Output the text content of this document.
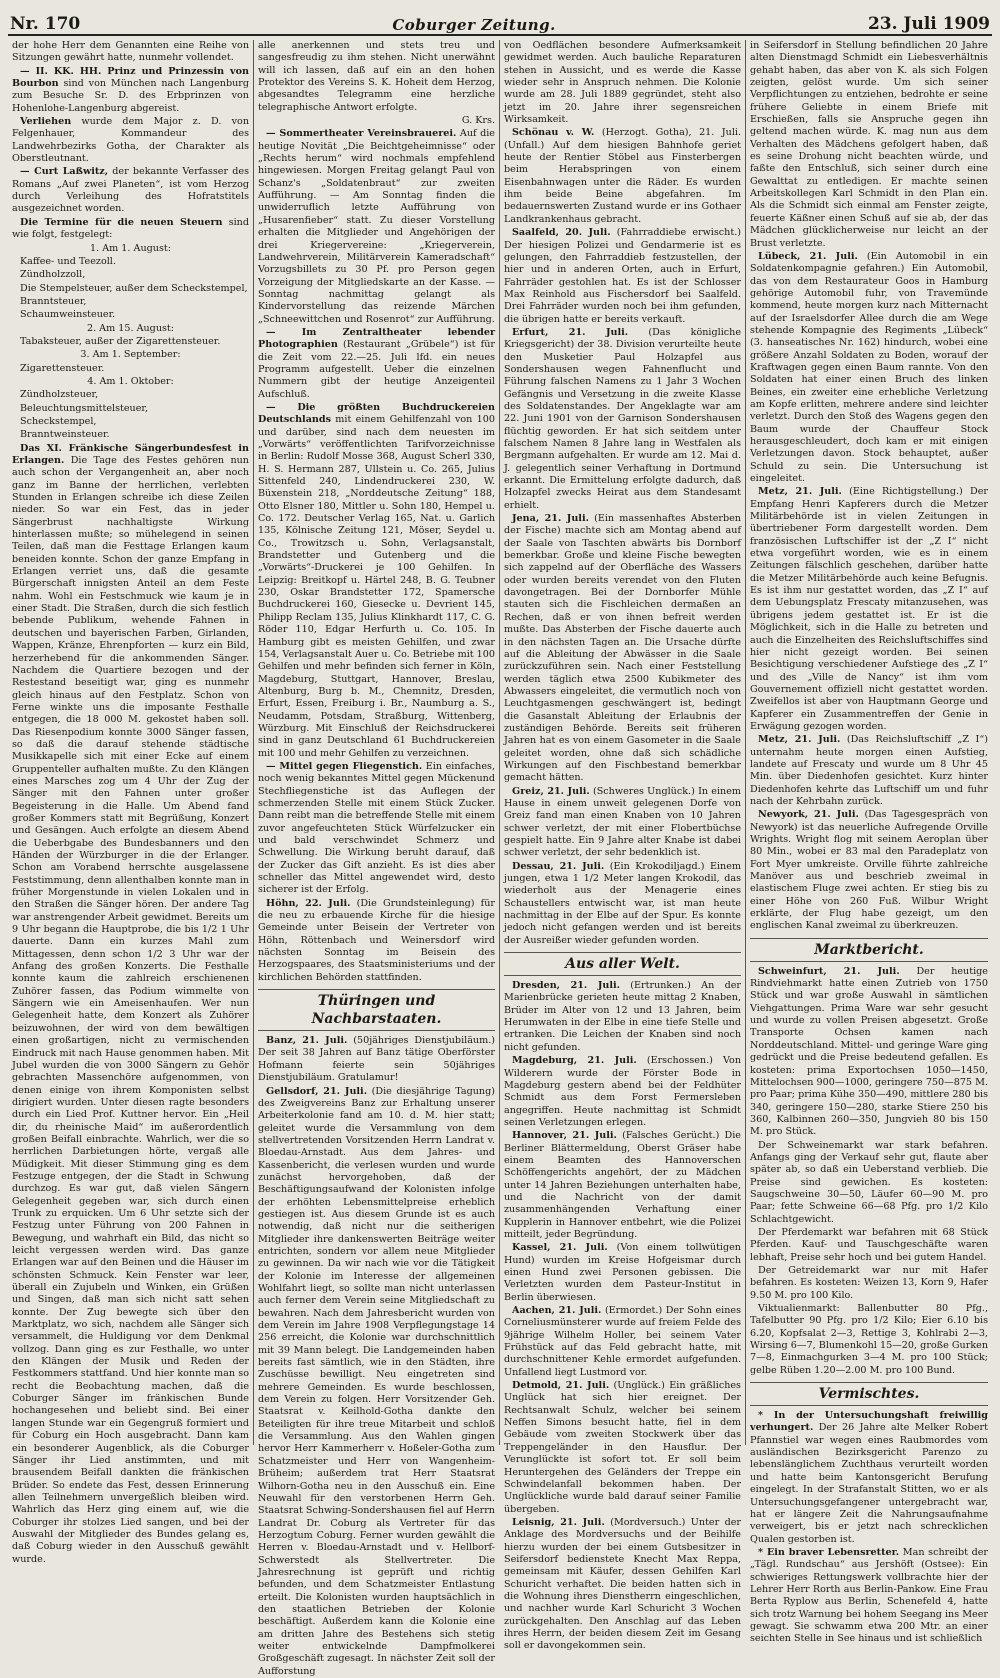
Nr. 170	Coburger Zeitung.	23. Juli 1909

der hohe Herr dem Genannten eine Reihe von Sitzungen gewährt hatte, nunmehr vollendet.

— II. KK. HH. Prinz und Prinzessin von Bourbon sind von München nach Langenburg zum Besuche Sr. D. des Erbprinzen von Hohenlohe-Langenburg abgereist.

Verliehen wurde dem Major z. D. von Felgenhauer, Kommandeur des Landwehrbezirks Gotha, der Charakter als Oberstleutnant.

— Curt Laßwitz, der bekannte Verfasser des Romans „Auf zwei Planeten“, ist vom Herzog durch Verleihung des Hofratstitels ausgezeichnet worden.

Die Termine für die neuen Steuern sind wie folgt, festgelegt:

1. Am 1. August:

Kaffee- und Teezoll.

Zündholzzoll,

Die Stempelsteuer, außer dem Scheckstempel,

Branntsteuer,

Schaumweinsteuer.

2. Am 15. August:

Tabaksteuer, außer der Zigarettensteuer.

3. Am 1. September:

Zigarettensteuer.

4. Am 1. Oktober:

Zündholzsteuer,

Beleuchtungsmittelsteuer,

Scheckstempel,

Branntweinsteuer.

Das XI. Fränkische Sängerbundesfest in Erlangen. Die Tage des Festes gehören nun auch schon der Vergangenheit an, aber noch ganz im Banne der herrlichen, verlebten Stunden in Erlangen schreibe ich diese Zeilen nieder. So war ein Fest, das in jeder Sängerbrust nachhaltigste Wirkung hinterlassen mußte; so mühelegend in seinen Teilen, daß man die Festtage Erlangen kaum beneiden konnte. Schon der ganze Empfang in Erlangen verriet uns, daß die gesamte Bürgerschaft innigsten Anteil an dem Feste nahm. Wohl ein Festschmuck wie kaum je in einer Stadt. Die Straßen, durch die sich festlich bebende Publikum, wehende Fahnen in deutschen und bayerischen Farben, Girlanden, Wappen, Kränze, Ehrenpforten — kurz ein Bild, herzerhebend für die ankommenden Sänger. Nachdem die Quartiere bezogen und der Restestand beseitigt war, ging es nunmehr gleich hinaus auf den Festplatz. Schon von Ferne winkte uns die imposante Festhalle entgegen, die 18 000 M. gekostet haben soll. Das Riesenpodium konnte 3000 Sänger fassen, so daß die darauf stehende städtische Musikkapelle sich mit einer Ecke auf einem Gruppenteller aufhalten mußte. Zu den Klängen eines Marsches zog um 4 Uhr der Zug der Sänger mit den Fahnen unter großer Begeisterung in die Halle. Um Abend fand großer Kommers statt mit Begrüßung, Konzert und Gesängen. Auch erfolgte an diesem Abend die Ueberbgabe des Bundesbanners und den Händen der Würzburger in die der Erlanger. Schon am Vorabend herrschte ausgelassene Feststimmung, denn allenthalben konnte man in früher Morgenstunde in vielen Lokalen und in den Straßen die Sänger hören. Der andere Tag war anstrengender Arbeit gewidmet. Bereits um 9 Uhr begann die Hauptprobe, die bis 1/2 1 Uhr dauerte. Dann ein kurzes Mahl zum Mittagessen, denn schon 1/2 3 Uhr war der Anfang des großen Konzerts. Die Festhalle konnte kaum die zahlreich erschienenen Zuhörer fassen, das Podium wimmelte von Sängern wie ein Ameisenhaufen. Wer nun Gelegenheit hatte, dem Konzert als Zuhörer beizuwohnen, der wird von dem bewältigen einen großartigen, nicht zu vermischenden Eindruck mit nach Hause genommen haben. Mit Jubel wurden die von 3000 Sängern zu Gehör gebrachten Massenchöre aufgenommen, von denen einige von ihrem Komponisten selbst dirigiert wurden. Unter diesen ragte besonders durch ein Lied Prof. Kuttner hervor. Ein „Heil dir, du rheinische Maid“ im außerordentlich großen Beifall einbrachte. Wahrlich, wer die so herrlichen Darbietungen hörte, vergaß alle Müdigkeit. Mit dieser Stimmung ging es dem Festzuge entgegen, der die Stadt in Schwung durchzog. Es war gut, daß vielen Sängern Gelegenheit gegeben war, sich durch einen Trunk zu erquicken. Um 6 Uhr setzte sich der Festzug unter Führung von 200 Fahnen in Bewegung, und wahrhaft ein Bild, das nicht so leicht vergessen werden wird. Das ganze Erlangen war auf den Beinen und die Häuser im schönsten Schmuck. Kein Fenster war leer, überall ein Zujubeln und Winken, ein Grüßen und Singen, daß man sich nicht satt sehen konnte. Der Zug bewegte sich über den Marktplatz, wo sich, nachdem alle Sänger sich versammelt, die Huldigung vor dem Denkmal vollzog. Dann ging es zur Festhalle, wo unter den Klängen der Musik und Reden der Festkommers stattfand. Und hier konnte man so recht die Beobachtung machen, daß die Coburger Sänger im fränkischen Bunde hochangesehen und beliebt sind. Bei einer langen Stunde war ein Gegengruß formiert und für Coburg ein Hoch ausgebracht. Dann kam ein besonderer Augenblick, als die Coburger Sänger ihr Lied anstimmten, und mit brausendem Beifall dankten die fränkischen Brüder. So endete das Fest, dessen Erinnerung allen Teilnehmern unvergeßlich bleiben wird. Wahrlich das Herz ging einem auf, wie die Coburger ihr stolzes Lied sangen, und bei der Auswahl der Mitglieder des Bundes gelang es, daß Coburg wieder in den Ausschuß gewählt wurde.

alle anerkennen und stets treu und sangesfreudig zu ihm stehen. Nicht unerwähnt will ich lassen, daß auf ein an den hohen Protektor des Vereins S. K. Hoheit dem Herzog, abgesandtes Telegramm eine herzliche telegraphische Antwort erfolgte.

G. Krs.

— Sommertheater Vereinsbrauerei. Auf die heutige Novität „Die Beichtgeheimnisse“ oder „Rechts herum“ wird nochmals empfehlend hingewiesen. Morgen Freitag gelangt Paul von Schanz's „Soldatenbraut“ zur zweiten Aufführung. — Am Sonntag finden die unwiderruflich letzte Aufführung von „Husarenfieber“ statt. Zu dieser Vorstellung erhalten die Mitglieder und Angehörigen der drei Kriegervereine: „Kriegerverein, Landwehrverein, Militärverein Kameradschaft“ Vorzugsbillets zu 30 Pf. pro Person gegen Vorzeigung der Mitgliedskarte an der Kasse. — Sonntag nachmittag gelangt als Kindervorstellung das reizende Märchen „Schneewittchen und Rosenrot“ zur Aufführung.

— Im Zentraltheater lebender Photographien (Restaurant „Grübele“) ist für die Zeit vom 22.—25. Juli lfd. ein neues Programm aufgestellt. Ueber die einzelnen Nummern gibt der heutige Anzeigenteil Aufschluß.

— Die größten Buchdruckereien Deutschlands mit einem Gehilfenzahl von 100 und darüber, sind nach dem neuesten im „Vorwärts“ veröffentlichten Tarifvorzeichnisse in Berlin: Rudolf Mosse 368, August Scherl 330, H. S. Hermann 287, Ullstein u. Co. 265, Julius Sittenfeld 240, Lindendruckerei 230, W. Büxenstein 218, „Norddeutsche Zeitung“ 188, Otto Elsner 180, Mittler u. Sohn 180, Hempel u. Co. 172. Deutscher Verlag 165, Nat. u. Garlich 135, Kölnische Zeitung 121, Möser, Seydel u. Co., Trowitzsch u. Sohn, Verlagsanstalt, Brandstetter und Gutenberg und die „Vorwärts“-Druckerei je 100 Gehilfen. In Leipzig: Breitkopf u. Härtel 248, B. G. Teubner 230, Oskar Brandstetter 172, Spamersche Buchdruckerei 160, Giesecke u. Devrient 145, Philipp Reclam 135, Julius Klinkhardt 117, C. G. Röder 110, Edgar Herfurth u. Co. 105. In Hamburg gibt es meisten Gehilfen, und zwar 154, Verlagsanstalt Auer u. Co. Betriebe mit 100 Gehilfen und mehr befinden sich ferner in Köln, Magdeburg, Stuttgart, Hannover, Breslau, Altenburg, Burg b. M., Chemnitz, Dresden, Erfurt, Essen, Freiburg i. Br., Naumburg a. S., Neudamm, Potsdam, Straßburg, Wittenberg, Würzburg. Mit Einschluß der Reichsdruckerei sind in ganz Deutschland 61 Buchdruckereien mit 100 und mehr Gehilfen zu verzeichnen.

— Mittel gegen Fliegenstich. Ein einfaches, noch wenig bekanntes Mittel gegen Mückenund Stechfliegenstiche ist das Auflegen der schmerzenden Stelle mit einem Stück Zucker. Dann reibt man die betreffende Stelle mit einem zuvor angefeuchteten Stück Würfelzucker ein und bald verschwindet Schmerz und Schwellung. Die Wirkung beruht darauf, daß der Zucker das Gift anzieht. Es ist dies aber schneller das Mittel angewendet wird, desto sicherer ist der Erfolg.

Höhn, 22. Juli. (Die Grundsteinlegung) für die neu zu erbauende Kirche für die hiesige Gemeinde unter Beisein der Vertreter von Höhn, Röttenbach und Weinersdorf wird nächsten Sonntag im Beisein des Herzogspaares, des Staatsministeriums und der kirchlichen Behörden stattfinden.

Thüringen und Nachbarstaaten.

Banz, 21. Juli. (50jähriges Dienstjubiläum.) Der seit 38 Jahren auf Banz tätige Oberförster Hofmann feierte sein 50jähriges Dienstjubiläum. Gratulamur!

Gellsdorf, 21. Juli. (Die diesjährige Tagung) des Zweigvereins Banz zur Erhaltung unserer Arbeiterkolonie fand am 10. d. M. hier statt; geleitet wurde die Versammlung von dem stellvertretenden Vorsitzenden Herrn Landrat v. Bloedau-Arnstadt. Aus dem Jahres- und Kassenbericht, die verlesen wurden und wurde zunächst hervorgehoben, daß der Beschäftigungsaufwand der Kolonisten infolge der erhöhten Lebensmittelpreise erheblich gestiegen ist. Aus diesem Grunde ist es auch notwendig, daß nicht nur die seitherigen Mitglieder ihre dankenswerten Beiträge weiter entrichten, sondern vor allem neue Mitglieder zu gewinnen. Da wir nach wie vor die Tätigkeit der Kolonie im Interesse der allgemeinen Wohlfahrt liegt, so sollte man nicht unterlassen auch ferner dem Verein seine Mitgliedschaft zu bewahren. Nach dem Jahresbericht wurden von dem Verein im Jahre 1908 Verpflegungstage 14 256 erreicht, die Kolonie war durchschnittlich mit 39 Mann belegt. Die Landgemeinden haben bereits fast sämtlich, wie in den Städten, ihre Zuschüsse bewilligt. Neu eingetreten sind mehrere Gemeinden. Es wurde beschlossen, dem Verein zu folgen. Herr Vorsitzender Geh. Staatsrat v. Keilhold-Gotha dankte den Beteiligten für ihre treue Mitarbeit und schloß die Versammlung. Aus den Wahlen gingen hervor Herr Kammerherr v. Hoßeler-Gotha zum Schatzmeister und Herr von Wangenheim-Brüheim; außerdem trat Herr Staatsrat Wilhorn-Gotha neu in den Ausschuß ein. Eine Neuwahl für den verstorbenen Herrn Geh. Staatsrat Schwing-Sondershausen fiel auf Herrn Landrat Dr. Coburg als Vertreter für das Herzogtum Coburg. Ferner wurden gewählt die Herren v. Bloedau-Arnstadt und v. Hellborf-Schwerstedt als Stellvertreter. Die Jahresrechnung ist geprüft und richtig befunden, und dem Schatzmeister Entlastung erteilt. Die Kolonisten wurden hauptsächlich in den staatlichen Betrieben der Kolonie beschäftigt. Außerdem kann die Kolonie eine am dritten Jahre des Bestehens sich stetig weiter entwickelnde Dampfmolkerei Großgeschäft zugesagt. In nächster Zeit soll der Aufforstung

von Oedflächen besondere Aufmerksamkeit gewidmet werden. Auch bauliche Reparaturen stehen in Aussicht, und es werde die Kasse wieder sehr in Anspruch nehmen. Die Kolonie wurde am 28. Juli 1889 gegründet, steht also jetzt im 20. Jahre ihrer segensreichen Wirksamkeit.

Schönau v. W. (Herzogt. Gotha), 21. Juli. (Unfall.) Auf dem hiesigen Bahnhofe geriet heute der Rentier Stöbel aus Finsterbergen beim Herabspringen von einem Eisenbahnwagen unter die Räder. Es wurden ihm beide Beine abgefahren. Im bedauernswerten Zustand wurde er ins Gothaer Landkrankenhaus gebracht.

Saalfeld, 20. Juli. (Fahrraddiebe erwischt.) Der hiesigen Polizei und Gendarmerie ist es gelungen, den Fahrraddieb festzustellen, der hier und in anderen Orten, auch in Erfurt, Fahrräder gestohlen hat. Es ist der Schlosser Max Reinhold aus Fischersdorf bei Saalfeld. Drei Fahrräder wurden noch bei ihm gefunden, die übrigen hatte er bereits verkauft.

Erfurt, 21. Juli. (Das königliche Kriegsgericht) der 38. Division verurteilte heute den Musketier Paul Holzapfel aus Sondershausen wegen Fahnenflucht und Führung falschen Namens zu 1 Jahr 3 Wochen Gefängnis und Versetzung in die zweite Klasse des Soldatenstandes. Der Angeklagte war am 22. Juni 1901 von der Garnison Sondershausen flüchtig geworden. Er hat sich seitdem unter falschem Namen 8 Jahre lang in Westfalen als Bergmann aufgehalten. Er wurde am 12. Mai d. J. gelegentlich seiner Verhaftung in Dortmund erkannt. Die Ermittelung erfolgte dadurch, daß Holzapfel zwecks Heirat aus dem Standesamt erhielt.

Jena, 21. Juli. (Ein massenhaftes Absterben der Fische) machte sich am Montag abend auf der Saale von Taschten abwärts bis Dornborf bemerkbar. Große und kleine Fische bewegten sich zappelnd auf der Oberfläche des Wassers oder wurden bereits verendet von den Fluten davongetragen. Bei der Dornborfer Mühle stauten sich die Fischleichen dermaßen an Rechen, daß er von ihnen befreit werden mußte. Das Absterben der Fische dauerte auch in den nächsten Tagen an. Die Ursache dürfte auf die Ableitung der Abwässer in die Saale zurückzuführen sein. Nach einer Feststellung werden täglich etwa 2500 Kubikmeter des Abwassers eingeleitet, die vermutlich noch von Leuchtgasmengen geschwängert ist, bedingt die Gasanstalt Ableitung der Erlaubnis der zuständigen Behörde. Bereits seit früheren Jahren hat es von einem Gasometer in die Saale geleitet worden, ohne daß sich schädliche Wirkungen auf den Fischbestand bemerkbar gemacht hätten.

Greiz, 21. Juli. (Schweres Unglück.) In einem Hause in einem unweit gelegenen Dorfe von Greiz fand man einen Knaben von 10 Jahren schwer verletzt, der mit einer Flobertbüchse gespielt hatte. Ein 9 Jahre alter Knabe ist dabei schwer verletzt, der sehr bedenklich ist.

Dessau, 21. Juli. (Ein Krokodiljagd.) Einem jungen, etwa 1 1/2 Meter langen Krokodil, das wiederholt aus der Menagerie eines Schaustellers entwischt war, ist man heute nachmittag in der Elbe auf der Spur. Es konnte jedoch nicht gefangen werden und ist bereits der Ausreißer wieder gefunden worden.

Aus aller Welt.

Dresden, 21. Juli. (Ertrunken.) An der Marienbrücke gerieten heute mittag 2 Knaben, Brüder im Alter von 12 und 13 Jahren, beim Herumwaten in der Elbe in eine tiefe Stelle und ertranken. Die Leichen der Knaben sind noch nicht gefunden.

Magdeburg, 21. Juli. (Erschossen.) Von Wilderern wurde der Förster Bode in Magdeburg gestern abend bei der Feldhüter Schmidt aus dem Forst Fermersleben angegriffen. Heute nachmittag ist Schmidt seinen Verletzungen erlegen.

Hannover, 21. Juli. (Falsches Gerücht.) Die Berliner Blättermeldung, Oberst Gräser habe einem Beamten des Hannoverschen Schöffengerichts angehört, der zu Mädchen unter 14 Jahren Beziehungen unterhalten habe, und die Nachricht von der damit zusammenhängenden Verhaftung einer Kupplerin in Hannover entbehrt, wie die Polizei mitteilt, jeder Begründung.

Kassel, 21. Juli. (Von einem tollwütigen Hund) wurden im Kreise Hofgeismar durch einen Hund zwei Personen gebissen. Die Verletzten wurden dem Pasteur-Institut in Berlin überwiesen.

Aachen, 21. Juli. (Ermordet.) Der Sohn eines Corneliusmünsterer wurde auf freiem Felde des 9jährige Wilhelm Holler, bei seinem Vater Frühstück auf das Feld gebracht hatte, mit durchschnittener Kehle ermordet aufgefunden. Unfallend liegt Lustmord vor.

Detmold, 21. Juli. (Unglück.) Ein gräßliches Unglück hat sich hier ereignet. Der Rechtsanwalt Schulz, welcher bei seinem Neffen Simons besucht hatte, fiel in dem Gebäude vom zweiten Stockwerk über das Treppengeländer in den Hausflur. Der Verunglückte ist sofort tot. Er soll beim Heruntergehen des Geländers der Treppe ein Schwindelanfall bekommen haben. Der Unglückliche wurde bald darauf seiner Familie übergeben.

Leisnig, 21. Juli. (Mordversuch.) Unter der Anklage des Mordversuchs und der Beihilfe hierzu wurden der bei einem Gutsbesitzer in Seifersdorf bedienstete Knecht Max Reppa, gemeinsam mit Käufer, dessen Gehilfen Karl Schuricht verhaftet. Die beiden hatten sich in die Wohnung ihres Dienstherrn eingeschlichen, und nachher wurde Karl Schuricht 3 Wochen zurückgehalten. Den Anschlag auf das Leben ihres Herrn, der beiden diesem Zeit im Gesang soll er davongekommen sein.

in Seifersdorf in Stellung befindlichen 20 Jahre alten Dienstmagd Schmidt ein Liebesverhältnis gehabt haben, das aber von K. als sich Folgen zeigten, gelöst wurde. Um sich seiner Verpflichtungen zu entziehen, bedrohte er seine frühere Geliebte in einem Briefe mit Erschießen, falls sie Anspruche gegen ihn geltend machen würde. K. mag nun aus dem Verhalten des Mädchens gefolgert haben, daß es seine Drohung nicht beachten würde, und faßte den Entschluß, sich seiner durch eine Gewalttat zu entledigen. Er machte seinen Arbeitskollegen Karl Schmidt in den Plan ein. Als die Schmidt sich einmal am Fenster zeigte, feuerte Käßner einen Schuß auf sie ab, der das Mädchen glücklicherweise nur leicht an der Brust verletzte.

Lübeck, 21. Juli. (Ein Automobil in ein Soldatenkompagnie gefahren.) Ein Automobil, das von dem Restaurateur Goos in Hamburg gehörige Automobil fuhr, von Travemünde kommend, heute morgen kurz nach Mitternacht auf der Israelsdorfer Allee durch die am Wege stehende Kompagnie des Regiments „Lübeck“ (3. hanseatisches Nr. 162) hindurch, wobei eine größere Anzahl Soldaten zu Boden, worauf der Kraftwagen gegen einen Baum rannte. Von den Soldaten hat einer einen Bruch des linken Beines, ein zweiter eine erhebliche Verletzung am Kopfe erlitten, mehrere andere sind leichter verletzt. Durch den Stoß des Wagens gegen den Baum wurde der Chauffeur Stock herausgeschleudert, doch kam er mit einigen Verletzungen davon. Stock behauptet, außer Schuld zu sein. Die Untersuchung ist eingeleitet.

Metz, 21. Juli. (Eine Richtigstellung.) Der Empfang Henri Kapferers durch die Metzer Militärbehörde ist in vielen Zeitungen in übertriebener Form dargestellt worden. Dem französischen Luftschiffer ist der „Z I“ nicht etwa vorgeführt worden, wie es in einem Zeitungen fälschlich geschehen, darüber hatte die Metzer Militärbehörde auch keine Befugnis. Es ist ihm nur gestattet worden, das „Z I“ auf dem Uebungsplatz Frescaty mitanzusehen, was übrigens jedem gestattet ist. Er ist die Möglichkeit, sich in die Halle zu betreten und auch die Einzelheiten des Reichsluftschiffes sind hier nicht gezeigt worden. Bei seinen Besichtigung verschiedener Aufstiege des „Z I“ und des „Ville de Nancy“ ist ihm vom Gouvernement offiziell nicht gestattet worden. Zweifellos ist aber von Hauptmann George und Kapferer ein Zusammentreffen der Genie in Erwägung gezogen worden.

Metz, 21. Juli. (Das Reichsluftschiff „Z I“) unternahm heute morgen einen Aufstieg, landete auf Frescaty und wurde um 8 Uhr 45 Min. über Diedenhofen gesichtet. Kurz hinter Diedenhofen kehrte das Luftschiff um und fuhr nach der Kehrbahn zurück.

Newyork, 21. Juli. (Das Tagesgespräch von Newyork) ist das neuerliche Aufregende Orville Wrights. Wright flog mit seinem Aeroplan über 80 Min., wobei er 83 mal den Paradeplatz von Fort Myer umkreiste. Orville führte zahlreiche Manöver aus und beschrieb zweimal in elastischem Fluge zwei achten. Er stieg bis zu einer Höhe von 260 Fuß. Wilbur Wright erklärte, der Flug habe gezeigt, um den englischen Kanal zweimal zu überkreuzen.

Marktbericht.

Schweinfurt, 21. Juli. Der heutige Rindviehmarkt hatte einen Zutrieb von 1750 Stück und war große Auswahl in sämtlichen Viehgattungen. Prima Ware war sehr gesucht und wurde zu vollen Preisen abgesetzt. Große Transporte Ochsen kamen nach Norddeutschland. Mittel- und geringe Ware ging gedrückt und die Preise bedeutend gefallen. Es kosteten: prima Exportochsen 1050—1450, Mittelochsen 900—1000, geringere 750—875 M. pro Paar; prima Kühe 350—490, mittlere 280 bis 340, geringere 150—280, starke Stiere 250 bis 360, Kalbinnen 260—350, Jungvieh 80 bis 150 M. pro Stück.

Der Schweinemarkt war stark befahren. Anfangs ging der Verkauf sehr gut, flaute aber später ab, so daß ein Ueberstand verblieb. Die Preise sind gewichen. Es kosteten: Saugschweine 30—50, Läufer 60—90 M. pro Paar; fette Schweine 66—68 Pfg. pro 1/2 Kilo Schlachtgewicht.

Der Pferdemarkt war befahren mit 68 Stück Pferden. Kauf- und Tauschgeschäfte waren lebhaft, Preise sehr hoch und bei gutem Handel.

Der Getreidemarkt war nur mit Hafer befahren. Es kosteten: Weizen 13, Korn 9, Hafer 9.50 M. pro 100 Kilo.

Viktualienmarkt: Ballenbutter 80 Pfg., Tafelbutter 90 Pfg. pro 1/2 Kilo; Eier 6.10 bis 6.20, Kopfsalat 2—3, Rettige 3, Kohlrabi 2—3, Wirsing 6—7, Blumenkohl 15—20, große Gurken 7—8, Einmachgurken 3—4 M. pro 100 Stück; gelbe Rüben 1.20—2.00 M. pro 100 Bund.

Vermischtes.

* In der Untersuchungshaft freiwillig verhungert. Der 26 Jahre alte Melker Robert Pfannstiel war wegen eines Raubmordes vom ausländischen Bezirksgericht Parenzo zu lebenslänglichem Zuchthaus verurteilt worden und hatte beim Kantonsgericht Berufung eingelegt. In der Strafanstalt Stitten, wo er als Untersuchungsgefangener untergebracht war, hat er längere Zeit die Nahrungsaufnahme verweigert, bis er jetzt nach schrecklichen Qualen gestorben ist.

* Ein braver Lebensretter. Man schreibt der „Tägl. Rundschau“ aus Jershöft (Ostsee): Ein schwieriges Rettungswerk vollbrachte hier der Lehrer Herr Rorth aus Berlin-Pankow. Eine Frau Berta Ryplow aus Berlin, Schenefeld 4, hatte sich trotz Warnung bei hohem Seegang ins Meer gewagt. Sie schwamm etwa 200 Mtr. an einer seichten Stelle in See hinaus und ist schließlich
